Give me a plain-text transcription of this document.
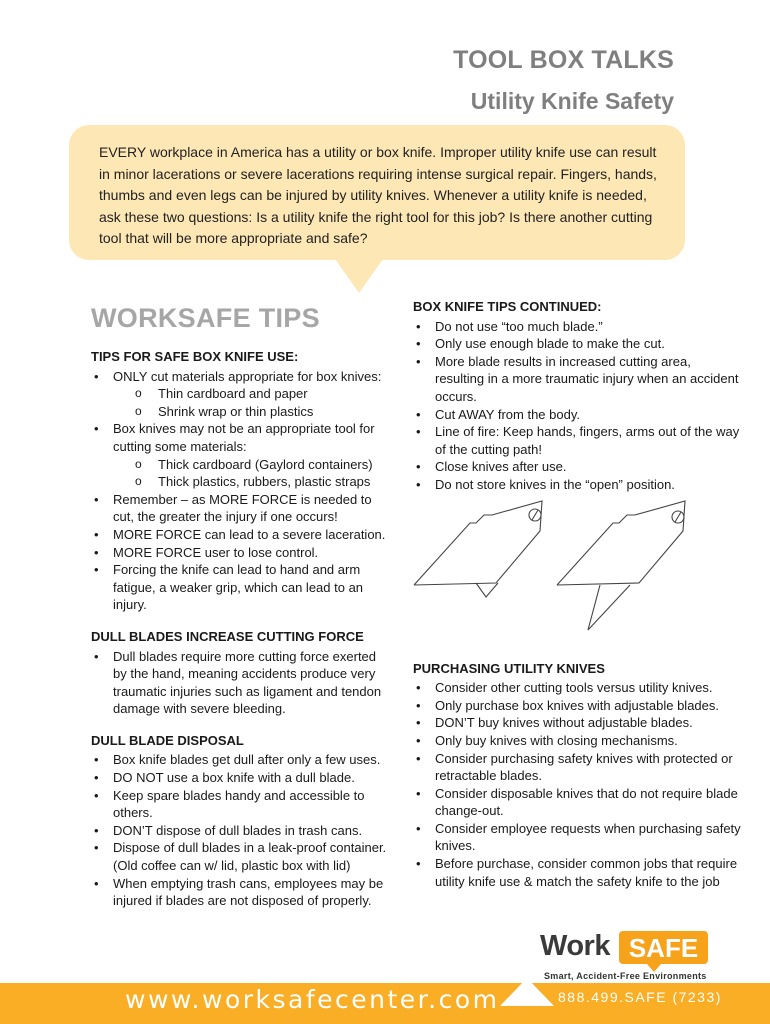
TOOL BOX TALKS
Utility Knife Safety
EVERY workplace in America has a utility or box knife. Improper utility knife use can result in minor lacerations or severe lacerations requiring intense surgical repair. Fingers, hands, thumbs and even legs can be injured by utility knives. Whenever a utility knife is needed, ask these two questions: Is a utility knife the right tool for this job? Is there another cutting tool that will be more appropriate and safe?
WORKSAFE TIPS
TIPS FOR SAFE BOX KNIFE USE:
• ONLY cut materials appropriate for box knives:
o Thin cardboard and paper
o Shrink wrap or thin plastics
• Box knives may not be an appropriate tool for cutting some materials:
o Thick cardboard (Gaylord containers)
o Thick plastics, rubbers, plastic straps
• Remember – as MORE FORCE is needed to cut, the greater the injury if one occurs!
• MORE FORCE can lead to a severe laceration.
• MORE FORCE user to lose control.
• Forcing the knife can lead to hand and arm fatigue, a weaker grip, which can lead to an injury.
DULL BLADES INCREASE CUTTING FORCE
• Dull blades require more cutting force exerted by the hand, meaning accidents produce very traumatic injuries such as ligament and tendon damage with severe bleeding.
DULL BLADE DISPOSAL
• Box knife blades get dull after only a few uses.
• DO NOT use a box knife with a dull blade.
• Keep spare blades handy and accessible to others.
• DON’T dispose of dull blades in trash cans.
• Dispose of dull blades in a leak-proof container. (Old coffee can w/ lid, plastic box with lid)
• When emptying trash cans, employees may be injured if blades are not disposed of properly.
BOX KNIFE TIPS CONTINUED:
• Do not use “too much blade.”
• Only use enough blade to make the cut.
• More blade results in increased cutting area, resulting in a more traumatic injury when an accident occurs.
• Cut AWAY from the body.
• Line of fire: Keep hands, fingers, arms out of the way of the cutting path!
• Close knives after use.
• Do not store knives in the “open” position.
PURCHASING UTILITY KNIVES
• Consider other cutting tools versus utility knives.
• Only purchase box knives with adjustable blades.
• DON’T buy knives without adjustable blades.
• Only buy knives with closing mechanisms.
• Consider purchasing safety knives with protected or retractable blades.
• Consider disposable knives that do not require blade change-out.
• Consider employee requests when purchasing safety knives.
• Before purchase, consider common jobs that require utility knife use & match the safety knife to the job
Work SAFE
Smart, Accident-Free Environments
www.worksafecenter.com	888.499.SAFE (7233)
